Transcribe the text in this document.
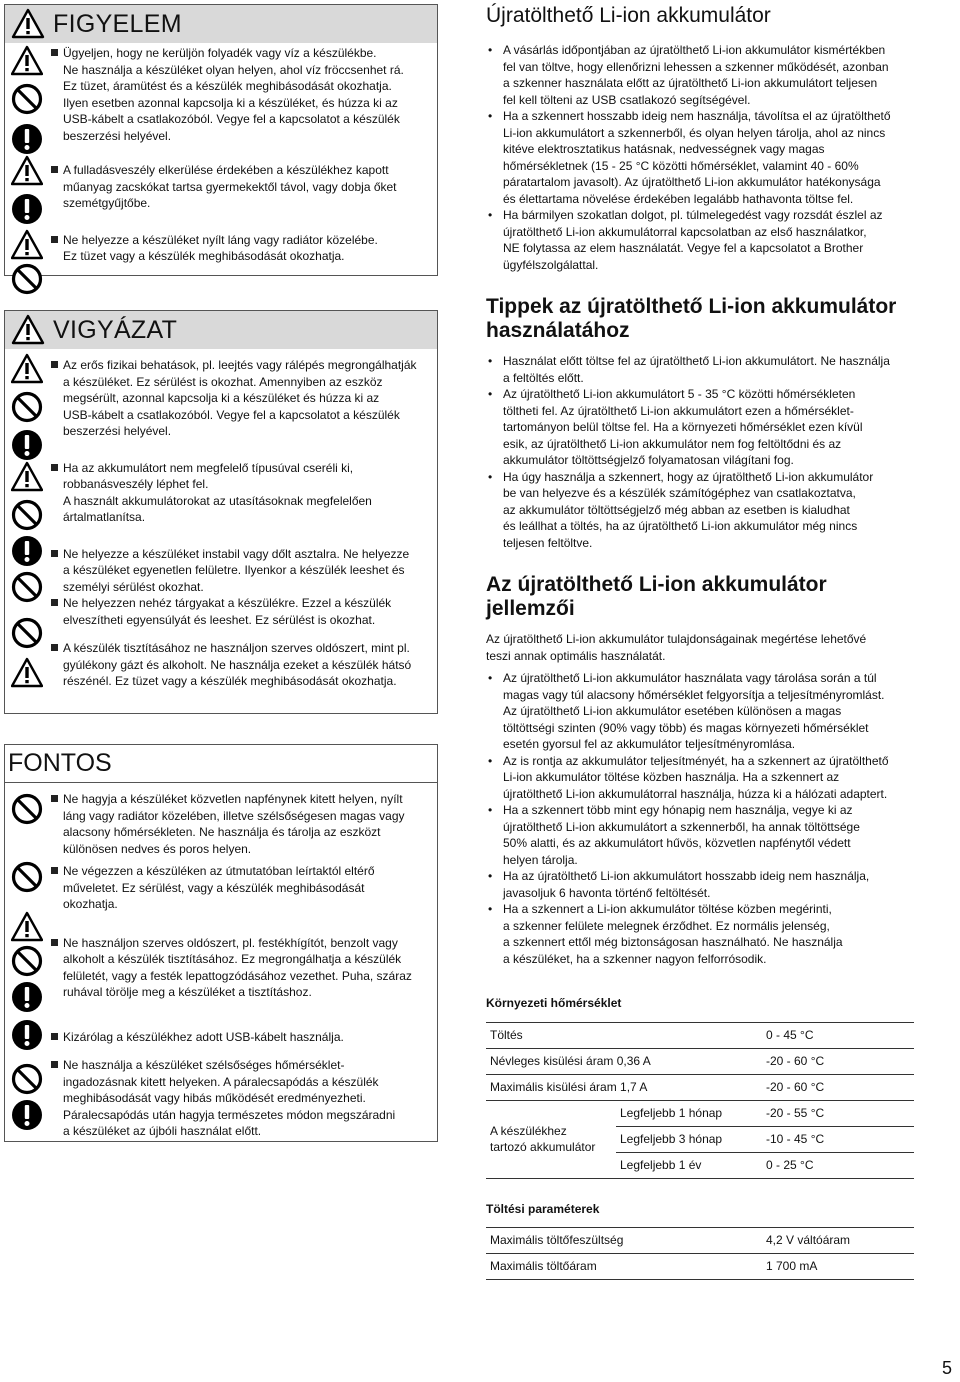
FIGYELEM

Ügyeljen, hogy ne kerüljön folyadék vagy víz a készülékbe.

Ne használja a készüléket olyan helyen, ahol víz fröccsenhet rá.

Ez tüzet, áramütést és a készülék meghibásodását okozhatja.

Ilyen esetben azonnal kapcsolja ki a készüléket, és húzza ki az

USB-kábelt a csatlakozóból. Vegye fel a kapcsolatot a készülék

beszerzési helyével.

A fulladásveszély elkerülése érdekében a készülékhez kapott

műanyag zacskókat tartsa gyermekektől távol, vagy dobja őket

szemétgyűjtőbe.

Ne helyezze a készüléket nyílt láng vagy radiátor közelébe.

Ez tüzet vagy a készülék meghibásodását okozhatja.

VIGYÁZAT

Az erős fizikai behatások, pl. leejtés vagy rálépés megrongálhatják

a készüléket. Ez sérülést is okozhat. Amennyiben az eszköz

megsérült, azonnal kapcsolja ki a készüléket és húzza ki az

USB-kábelt a csatlakozóból. Vegye fel a kapcsolatot a készülék

beszerzési helyével.

Ha az akkumulátort nem megfelelő típusúval cseréli ki,

robbanásveszély léphet fel.

A használt akkumulátorokat az utasításoknak megfelelően

ártalmatlanítsa.

Ne helyezze a készüléket instabil vagy dőlt asztalra. Ne helyezze

a készüléket egyenetlen felületre. Ilyenkor a készülék leeshet és

személyi sérülést okozhat.

Ne helyezzen nehéz tárgyakat a készülékre. Ezzel a készülék

elveszítheti egyensúlyát és leeshet. Ez sérülést is okozhat.

A készülék tisztításához ne használjon szerves oldószert, mint pl.

gyúlékony gázt és alkoholt. Ne használja ezeket a készülék hátsó

részénél. Ez tüzet vagy a készülék meghibásodását okozhatja.

FONTOS

Ne hagyja a készüléket közvetlen napfénynek kitett helyen, nyílt

láng vagy radiátor közelében, illetve szélsőségesen magas vagy

alacsony hőmérsékleten. Ne használja és tárolja az eszközt

különösen nedves és poros helyen.

Ne végezzen a készüléken az útmutatóban leírtaktól eltérő

műveletet. Ez sérülést, vagy a készülék meghibásodását

okozhatja.

Ne használjon szerves oldószert, pl. festékhígítót, benzolt vagy

alkoholt a készülék tisztításához. Ez megrongálhatja a készülék

felületét, vagy a festék lepattogzódásához vezethet. Puha, száraz

ruhával törölje meg a készüléket a tisztításhoz.

Kizárólag a készülékhez adott USB-kábelt használja.

Ne használja a készüléket szélsőséges hőmérséklet-

ingadozásnak kitett helyeken. A páralecsapódás a készülék

meghibásodását vagy hibás működését eredményezheti.

Páralecsapódás után hagyja természetes módon megszáradni

a készüléket az újbóli használat előtt.

Újratölthető Li-ion akkumulátor

• A vásárlás időpontjában az újratölthető Li-ion akkumulátor kismértékben

fel van töltve, hogy ellenőrizni lehessen a szkenner működését, azonban

a szkenner használata előtt az újratölthető Li-ion akkumulátort teljesen

fel kell tölteni az USB csatlakozó segítségével.

• Ha a szkennert hosszabb ideig nem használja, távolítsa el az újratölthető

Li-ion akkumulátort a szkennerből, és olyan helyen tárolja, ahol az nincs

kitéve elektrosztatikus hatásnak, nedvességnek vagy magas

hőmérsékletnek (15 - 25 °C közötti hőmérséklet, valamint 40 - 60%

páratartalom javasolt). Az újratölthető Li-ion akkumulátor hatékonysága

és élettartama növelése érdekében legalább hathavonta töltse fel.

• Ha bármilyen szokatlan dolgot, pl. túlmelegedést vagy rozsdát észlel az

újratölthető Li-ion akkumulátorral kapcsolatban az első használatkor,

NE folytassa az elem használatát. Vegye fel a kapcsolatot a Brother

ügyfélszolgálattal.

Tippek az újratölthető Li-ion akkumulátor
használatához

• Használat előtt töltse fel az újratölthető Li-ion akkumulátort. Ne használja

a feltöltés előtt.

• Az újratölthető Li-ion akkumulátort 5 - 35 °C közötti hőmérsékleten

töltheti fel. Az újratölthető Li-ion akkumulátort ezen a hőmérséklet-

tartományon belül töltse fel. Ha a környezeti hőmérséklet ezen kívül

esik, az újratölthető Li-ion akkumulátor nem fog feltöltődni és az

akkumulátor töltöttségjelző folyamatosan világítani fog.

• Ha úgy használja a szkennert, hogy az újratölthető Li-ion akkumulátor

be van helyezve és a készülék számítógéphez van csatlakoztatva,

az akkumulátor töltöttségjelző még abban az esetben is kialudhat

és leállhat a töltés, ha az újratölthető Li-ion akkumulátor még nincs

teljesen feltöltve.

Az újratölthető Li-ion akkumulátor
jellemzői

Az újratölthető Li-ion akkumulátor tulajdonságainak megértése lehetővé

teszi annak optimális használatát.

• Az újratölthető Li-ion akkumulátor használata vagy tárolása során a túl

magas vagy túl alacsony hőmérséklet felgyorsítja a teljesítményromlást.

Az újratölthető Li-ion akkumulátor esetében különösen a magas

töltöttségi szinten (90% vagy több) és magas környezeti hőmérséklet

esetén gyorsul fel az akkumulátor teljesítményromlása.

• Az is rontja az akkumulátor teljesítményét, ha a szkennert az újratölthető

Li-ion akkumulátor töltése közben használja. Ha a szkennert az

újratölthető Li-ion akkumulátorral használja, húzza ki a hálózati adaptert.

• Ha a szkennert több mint egy hónapig nem használja, vegye ki az

újratölthető Li-ion akkumulátort a szkennerből, ha annak töltöttsége

50% alatti, és az akkumulátort hűvös, közvetlen napfénytől védett

helyen tárolja.

• Ha az újratölthető Li-ion akkumulátort hosszabb ideig nem használja,

javasoljuk 6 havonta történő feltöltését.

• Ha a szkennert a Li-ion akkumulátor töltése közben megérinti,

a szkenner felülete melegnek érződhet. Ez normális jelenség,

a szkennert ettől még biztonságosan használható. Ne használja

a készüléket, ha a szkenner nagyon felforrósodik.

Környezeti hőmérséklet
Töltés		0 - 45 °C
Névleges kisülési áram 0,36 A		-20 - 60 °C
Maximális kisülési áram 1,7 A		-20 - 60 °C

A készülékhez

tartozó akkumulátor	Legfeljebb 1 hónap	-20 - 55 °C
	Legfeljebb 3 hónap	-10 - 45 °C
	Legfeljebb 1 év	0 - 25 °C
Töltési paraméterek
Maximális töltőfeszültség	4,2 V váltóáram
Maximális töltőáram	1 700 mA
5
